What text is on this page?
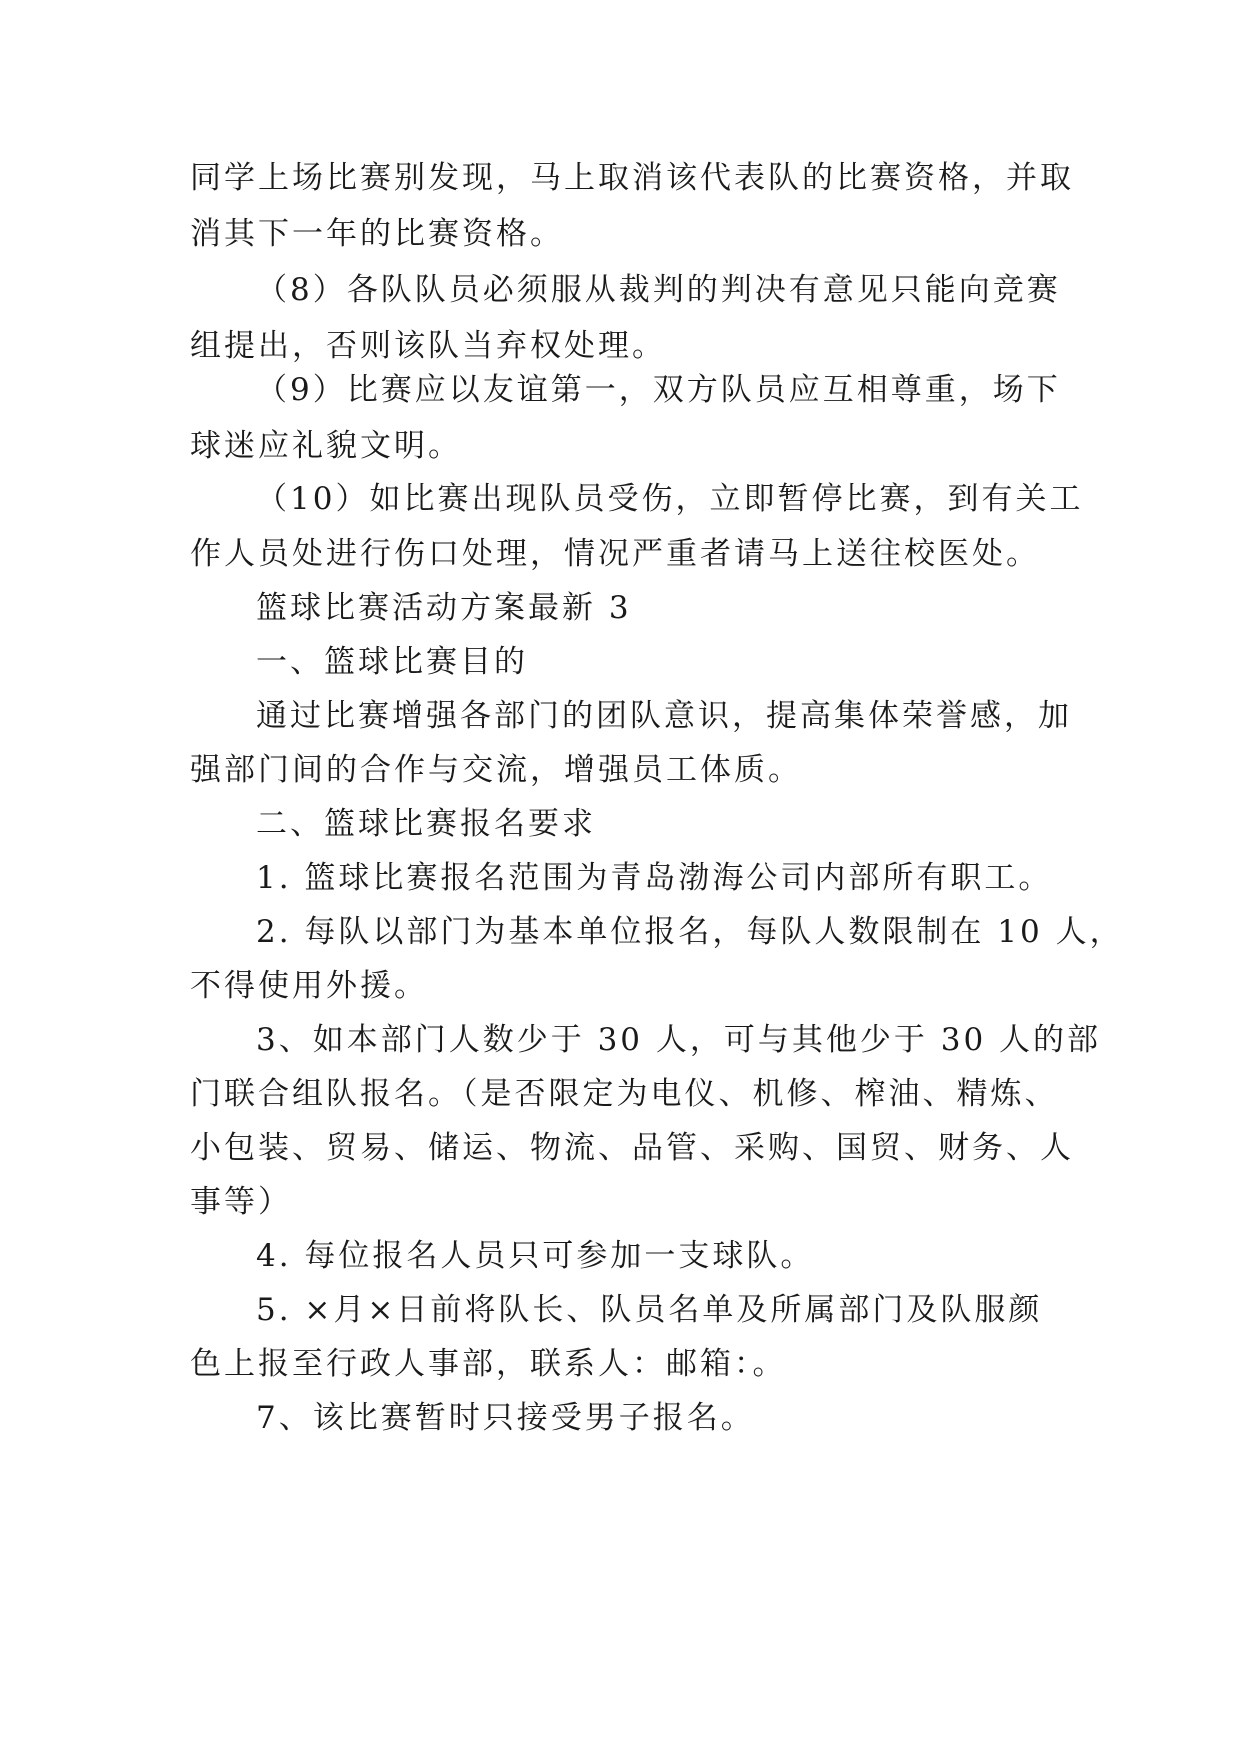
同学上场比赛别发现，马上取消该代表队的比赛资格，并取
消其下一年的比赛资格。
（8）各队队员必须服从裁判的判决有意见只能向竞赛
组提出，否则该队当弃权处理。
（9）比赛应以友谊第一，双方队员应互相尊重，场下
球迷应礼貌文明。
（10）如比赛出现队员受伤，立即暂停比赛，到有关工
作人员处进行伤口处理，情况严重者请马上送往校医处。
篮球比赛活动方案最新 3
一、篮球比赛目的
通过比赛增强各部门的团队意识，提高集体荣誉感，加
强部门间的合作与交流，增强员工体质。
二、篮球比赛报名要求
1. 篮球比赛报名范围为青岛渤海公司内部所有职工。
2. 每队以部门为基本单位报名，每队人数限制在 10 人，
不得使用外援。
3、如本部门人数少于 30 人，可与其他少于 30 人的部
门联合组队报名。（是否限定为电仪、机修、榨油、精炼、
小包装、贸易、储运、物流、品管、采购、国贸、财务、人
事等）
4. 每位报名人员只可参加一支球队。
5. ×月×日前将队长、队员名单及所属部门及队服颜
色上报至行政人事部，联系人：邮箱：。
7、该比赛暂时只接受男子报名。
